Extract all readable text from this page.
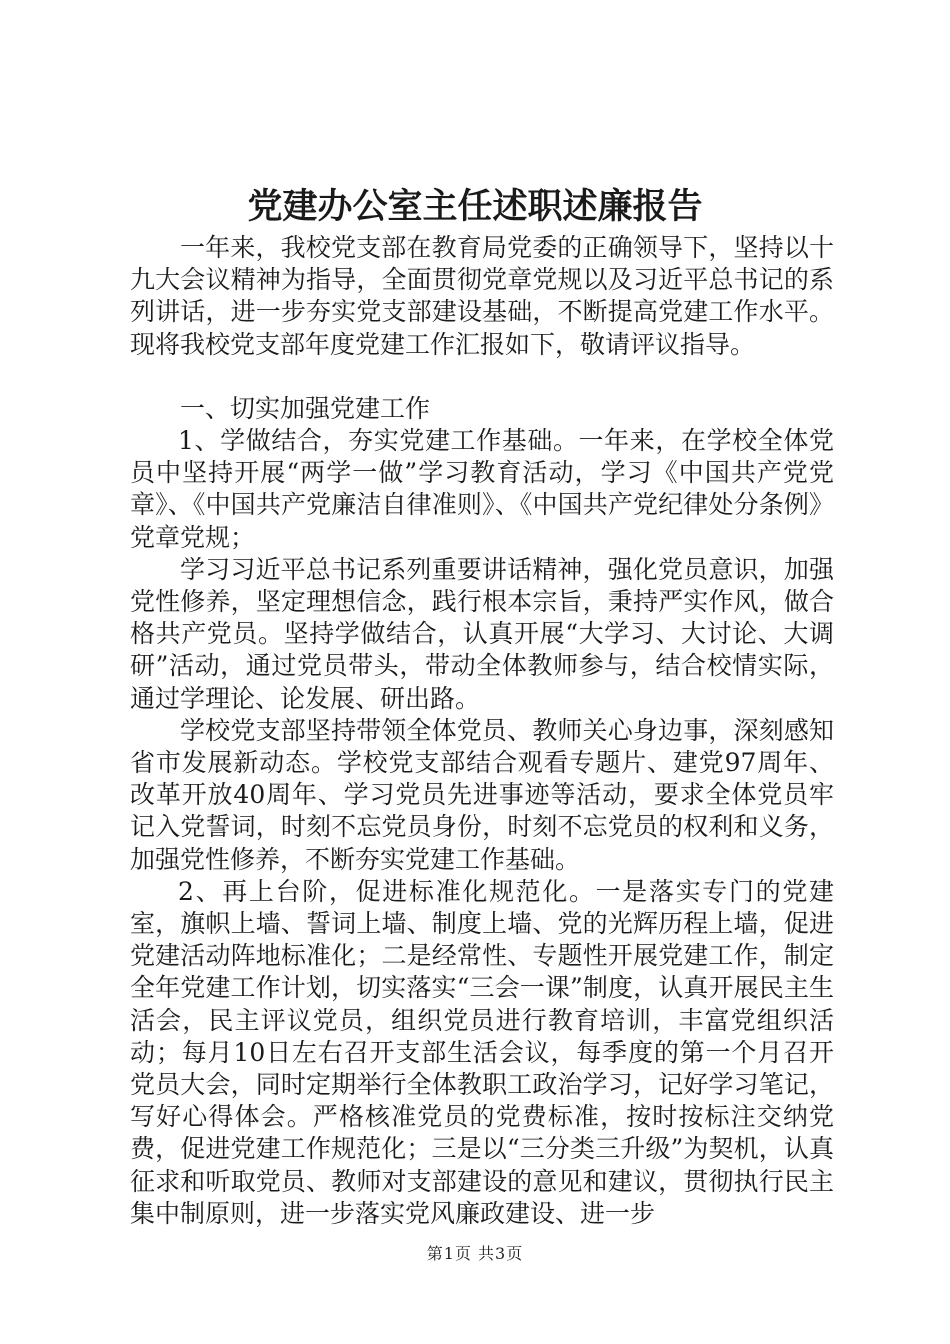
党建办公室主任述职述廉报告

一年来，我校党支部在教育局党委的正确领导下，坚持以十九大会议精神为指导，全面贯彻党章党规以及习近平总书记的系列讲话，进一步夯实党支部建设基础，不断提高党建工作水平。现将我校党支部年度党建工作汇报如下，敬请评议指导。

一、切实加强党建工作

1、学做结合，夯实党建工作基础。一年来，在学校全体党员中坚持开展“两学一做”学习教育活动，学习《中国共产党党章》、《中国共产党廉洁自律准则》、《中国共产党纪律处分条例》党章党规；

学习习近平总书记系列重要讲话精神，强化党员意识，加强党性修养，坚定理想信念，践行根本宗旨，秉持严实作风，做合格共产党员。坚持学做结合，认真开展“大学习、大讨论、大调研”活动，通过党员带头，带动全体教师参与，结合校情实际，通过学理论、论发展、研出路。

学校党支部坚持带领全体党员、教师关心身边事，深刻感知省市发展新动态。学校党支部结合观看专题片、建党97周年、改革开放40周年、学习党员先进事迹等活动，要求全体党员牢记入党誓词，时刻不忘党员身份，时刻不忘党员的权利和义务，加强党性修养，不断夯实党建工作基础。

2、再上台阶，促进标准化规范化。一是落实专门的党建室，旗帜上墙、誓词上墙、制度上墙、党的光辉历程上墙，促进党建活动阵地标准化；二是经常性、专题性开展党建工作，制定全年党建工作计划，切实落实“三会一课”制度，认真开展民主生活会，民主评议党员，组织党员进行教育培训，丰富党组织活动；每月10日左右召开支部生活会议，每季度的第一个月召开党员大会，同时定期举行全体教职工政治学习，记好学习笔记，写好心得体会。严格核准党员的党费标准，按时按标注交纳党费，促进党建工作规范化；三是以“三分类三升级”为契机，认真征求和听取党员、教师对支部建设的意见和建议，贯彻执行民主集中制原则，进一步落实党风廉政建设、进一步

第1页 共3页
